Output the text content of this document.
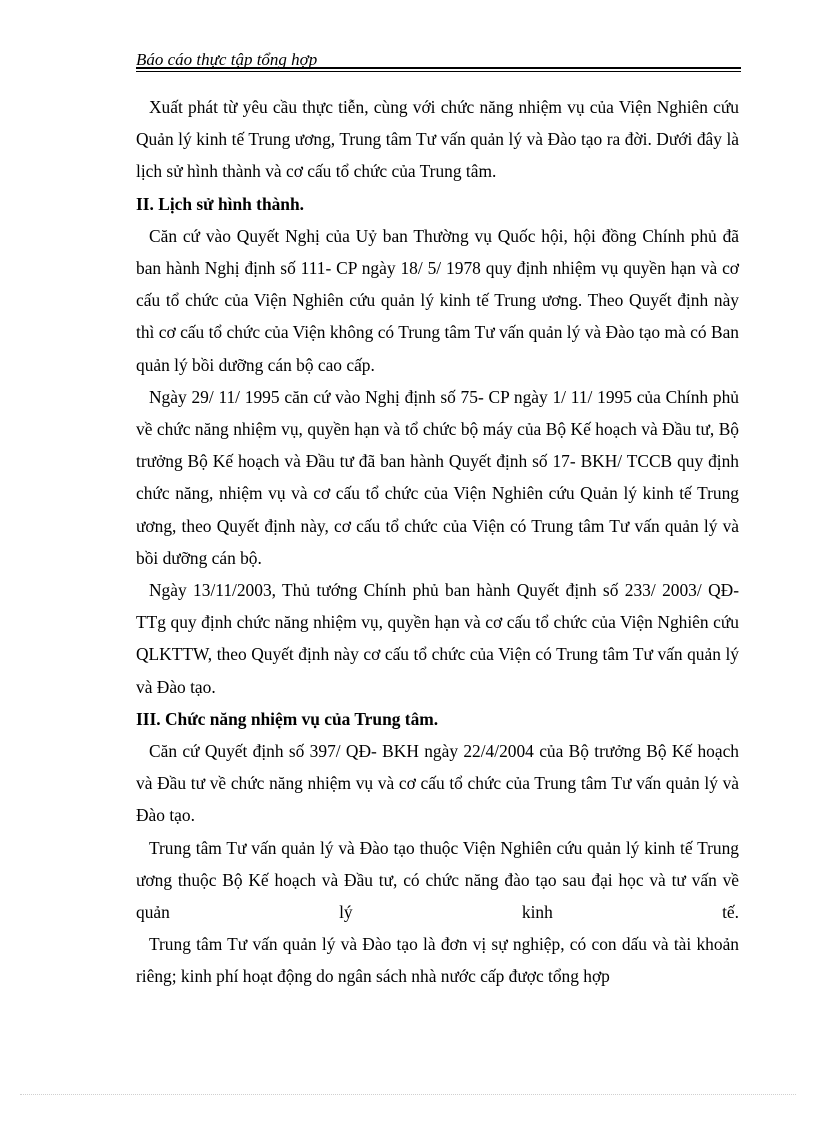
Báo cáo thực tập tổng hợp

Xuất phát từ yêu cầu thực tiễn, cùng với chức năng nhiệm vụ của Viện Nghiên cứu Quản lý kinh tế Trung ương, Trung tâm Tư vấn quản lý và Đào tạo ra đời. Dưới đây là lịch sử hình thành và cơ cấu tổ chức của Trung tâm.

II. Lịch sử hình thành.

Căn cứ vào Quyết Nghị của Uỷ ban Thường vụ Quốc hội, hội đồng Chính phủ đã ban hành Nghị định số 111- CP ngày 18/ 5/ 1978 quy định nhiệm vụ quyền hạn và cơ cấu tổ chức của Viện Nghiên cứu quản lý kinh tế Trung ương. Theo Quyết định này thì cơ cấu tổ chức của Viện không có Trung tâm Tư vấn quản lý và Đào tạo mà có Ban quản lý bồi dưỡng cán bộ cao cấp.

Ngày 29/ 11/ 1995 căn cứ vào Nghị định số 75- CP ngày 1/ 11/ 1995 của Chính phủ về chức năng nhiệm vụ, quyền hạn và tổ chức bộ máy của Bộ Kế hoạch và Đầu tư, Bộ trưởng Bộ Kế hoạch và Đầu tư đã ban hành Quyết định số 17- BKH/ TCCB quy định chức năng, nhiệm vụ và cơ cấu tổ chức của Viện Nghiên cứu Quản lý kinh tế Trung ương, theo Quyết định này, cơ cấu tổ chức của Viện có Trung tâm Tư vấn quản lý và bồi dưỡng cán bộ.

Ngày 13/11/2003, Thủ tướng Chính phủ ban hành Quyết định số 233/ 2003/ QĐ- TTg quy định chức năng nhiệm vụ, quyền hạn và cơ cấu tổ chức của Viện Nghiên cứu QLKTTW, theo Quyết định này cơ cấu tổ chức của Viện có Trung tâm Tư vấn quản lý và Đào tạo.

III. Chức năng nhiệm vụ của Trung tâm.

Căn cứ Quyết định số 397/ QĐ- BKH ngày 22/4/2004 của Bộ trưởng Bộ Kế hoạch và Đầu tư về chức năng nhiệm vụ và cơ cấu tổ chức của Trung tâm Tư vấn quản lý và Đào tạo.

Trung tâm Tư vấn quản lý và Đào tạo thuộc Viện Nghiên cứu quản lý kinh tế Trung ương thuộc Bộ Kế hoạch và Đầu tư, có chức năng đào tạo sau đại học và tư vấn về quản lý kinh tế.

Trung tâm Tư vấn quản lý và Đào tạo là đơn vị sự nghiệp, có con dấu và tài khoản riêng; kinh phí hoạt động do ngân sách nhà nước cấp được tổng hợp
